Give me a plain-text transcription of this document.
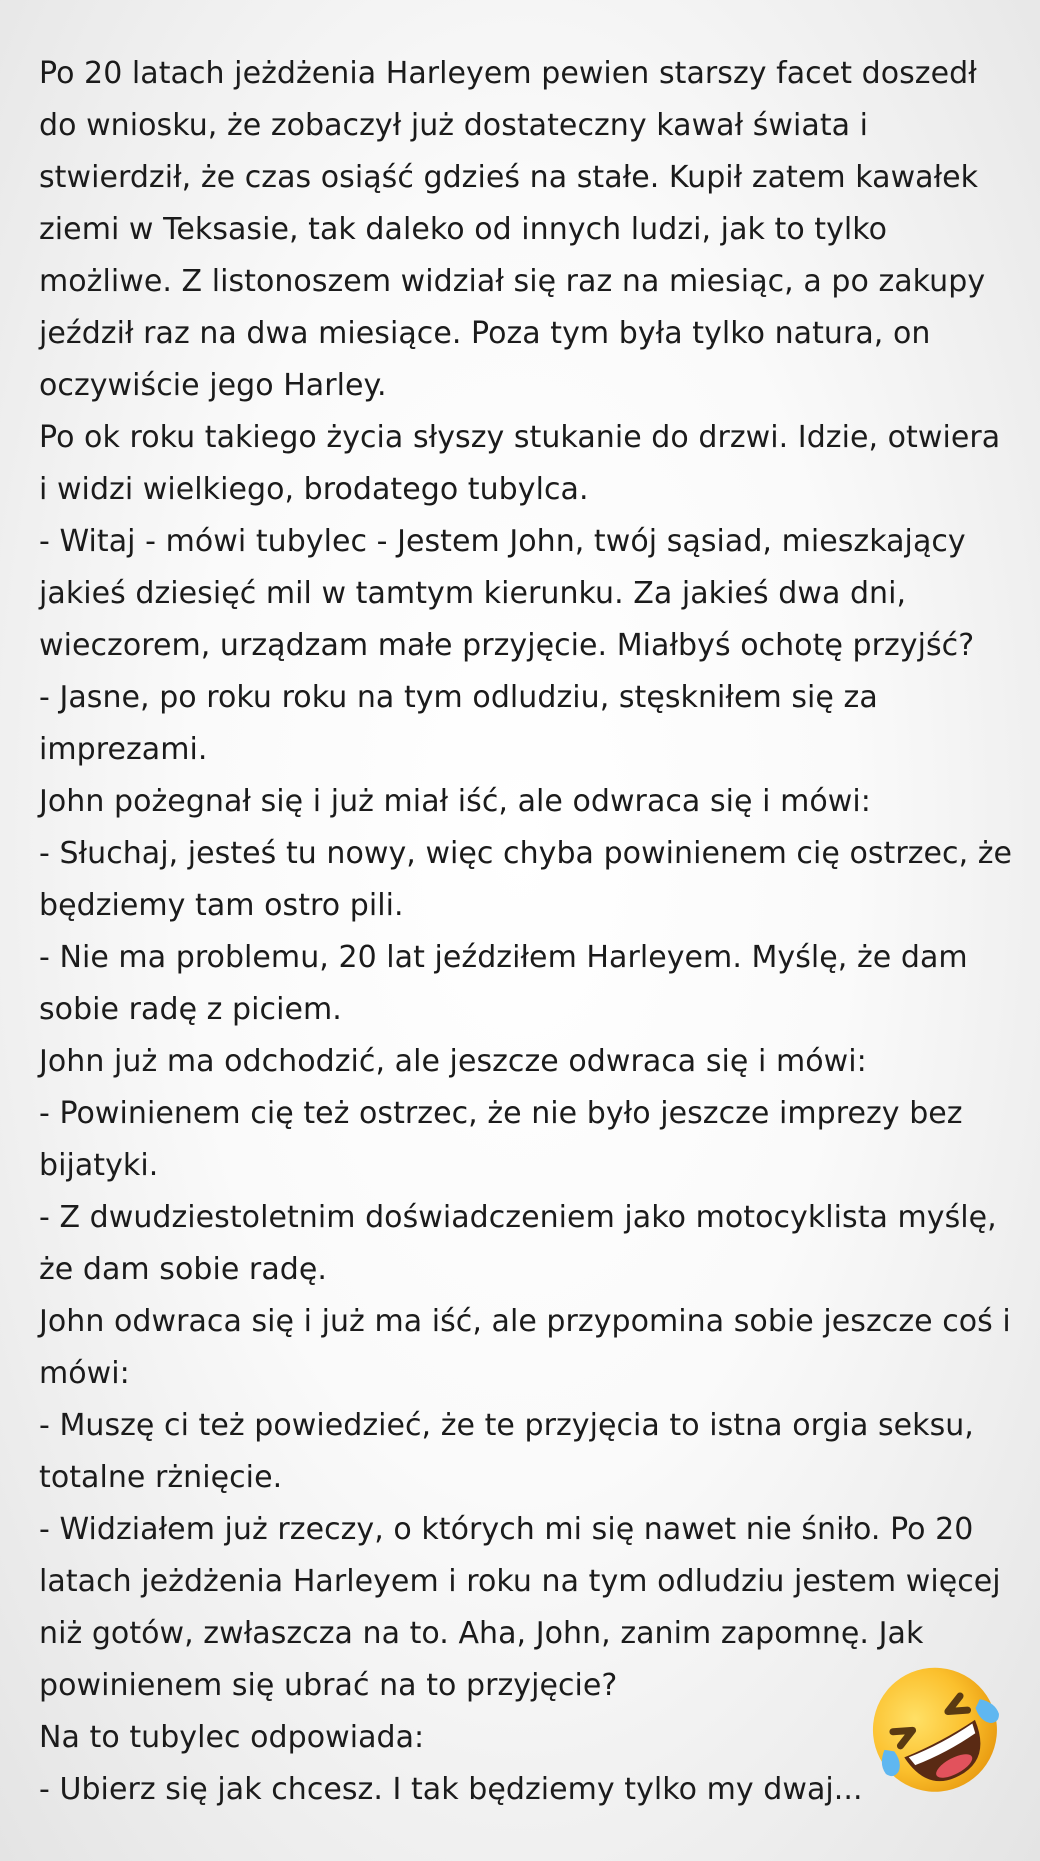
Po 20 latach jeżdżenia Harleyem pewien starszy facet doszedł do wniosku, że zobaczył już dostateczny kawał świata i stwierdził, że czas osiąść gdzieś na stałe. Kupił zatem kawałek ziemi w Teksasie, tak daleko od innych ludzi, jak to tylko możliwe. Z listonoszem widział się raz na miesiąc, a po zakupy jeździł raz na dwa miesiące. Poza tym była tylko natura, on oczywiście jego Harley.

Po ok roku takiego życia słyszy stukanie do drzwi. Idzie, otwiera i widzi wielkiego, brodatego tubylca.

- Witaj - mówi tubylec - Jestem John, twój sąsiad, mieszkający jakieś dziesięć mil w tamtym kierunku. Za jakieś dwa dni, wieczorem, urządzam małe przyjęcie. Miałbyś ochotę przyjść?

- Jasne, po roku roku na tym odludziu, stęskniłem się za imprezami.

John pożegnał się i już miał iść, ale odwraca się i mówi:

- Słuchaj, jesteś tu nowy, więc chyba powinienem cię ostrzec, że będziemy tam ostro pili.

- Nie ma problemu, 20 lat jeździłem Harleyem. Myślę, że dam sobie radę z piciem.

John już ma odchodzić, ale jeszcze odwraca się i mówi:

- Powinienem cię też ostrzec, że nie było jeszcze imprezy bez bijatyki.

- Z dwudziestoletnim doświadczeniem jako motocyklista myślę, że dam sobie radę.

John odwraca się i już ma iść, ale przypomina sobie jeszcze coś i mówi:

- Muszę ci też powiedzieć, że te przyjęcia to istna orgia seksu, totalne rżnięcie.

- Widziałem już rzeczy, o których mi się nawet nie śniło. Po 20 latach jeżdżenia Harleyem i roku na tym odludziu jestem więcej niż gotów, zwłaszcza na to. Aha, John, zanim zapomnę. Jak powinienem się ubrać na to przyjęcie?

Na to tubylec odpowiada:

- Ubierz się jak chcesz. I tak będziemy tylko my dwaj...
